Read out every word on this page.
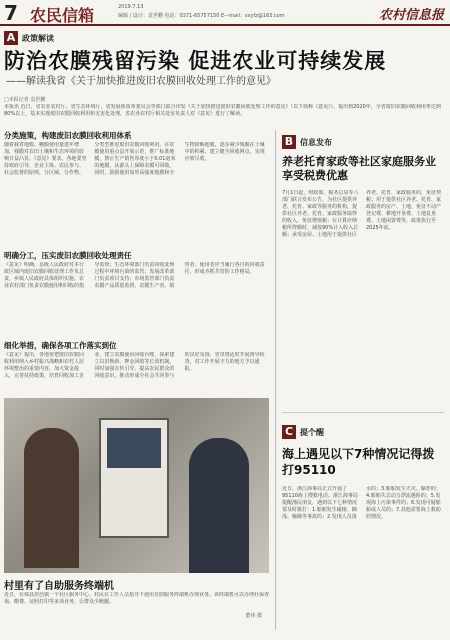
7 农民信箱	2019.7.13
编辑 / 设计：袁世鹏 电话：0371-65757150 E—mail：sxyfz@163.com	农村信息报
A 政策解读
防治农膜残留污染 促进农业可持续发展
——解读我省《关于加快推进废旧农膜回收处理工作的意见》
□本报记者 袁世鹏
本报讯 近日，省农业农村厅、省生态环境厅、省发展和改革委员会等部门联合印发《关于加快推进废旧农膜回收处理工作的意见》（以下简称《意见》），提出到2020年，全省废旧农膜回收利用率达到80%以上，基本实现废旧农膜回收利用和无害化处理。省农业农村厅相关处室负责人对《意见》进行了解读。
分类施策，构建废旧农膜回收利用体系
随着我省地膜、棚膜使用量逐年增加，残膜对农田土壤和生态环境的影响日益凸显。《意见》要求，各地要坚持政府引导、企业主体、农民参与、社会监督的原则，分区域、分作物、分类型推进废旧农膜回收利用。在农膜使用重点县开展示范，推广标准地膜，禁止生产销售厚度小于0.01毫米的地膜，从源头上保障农膜可回收。同时，鼓励使用加厚高强度地膜和全生物降解地膜，逐步减少残膜在土壤中的积累，建立健全回收网点，实现应收尽收。
明确分工，压实废旧农膜回收处理责任
《意见》明确，县级人民政府对本行政区域内废旧农膜回收处理工作负总责，乡镇人民政府具体组织实施。农业农村部门负责农膜使用和回收的指导监督；生态环境部门负责回收处理过程中环境污染的监管；发展改革部门负责项目支持；市场监管部门负责农膜产品质量监督。农膜生产者、销售者、使用者应当履行各自的回收责任，形成齐抓共管的工作格局。
细化举措，确保各项工作落实到位
《意见》提出，各地要把废旧农膜回收利用纳入乡村振兴战略和农村人居环境整治的重要内容，加大资金投入，完善扶持政策，培育回收加工企业，建立农膜使用回收台账，探索建立以旧换新、押金回收等长效机制。同时加强宣传引导，提高农民群众的回收意识，推动形成全社会共同参与的良好氛围。省里将适时开展督导检查，对工作开展不力的地方予以通报。
村里有了自助服务终端机
近日，在郏县茨芭镇一个社区服务中心，村民在工作人员指导下使用自助服务终端机办理业务。该终端机可以办理社保查询、缴费、证照打印等多项业务，让群众少跑腿。
董伟 摄
B 信息发布
养老托育家政等社区家庭服务业享受税费优惠
7月1日起，财政部、税务总局等六部门联合发布公告，为社区提供养老、托育、家政等服务的机构，提供社区养老、托育、家政服务取得的收入，免征增值税；在计算应纳税所得额时，减按90%计入收入总额；承受房屋、土地用于提供社区养老、托育、家政服务的，免征契税；用于提供社区养老、托育、家政服务的房产、土地，免征不动产登记费、耕地开垦费、土地复垦费、土地闲置费等，政策执行至2025年底。
C 提个醒
海上遇见以下7种情况记得拨打95110
近日，浙江海事局正式开通了95110海上搜救电话。浙江海事局提醒渔民朋友，遇到以下七种情况要及时拨打：1.船舶发生碰撞、搁浅、触礁等事故的；2.发现人员落水的；3.船舶发生火灾、爆炸的；4.船舶失去动力漂流遇险的；5.发现海上污染事件的；6.发现可疑船舶或人员的；7.其他需要海上救助的情况。
